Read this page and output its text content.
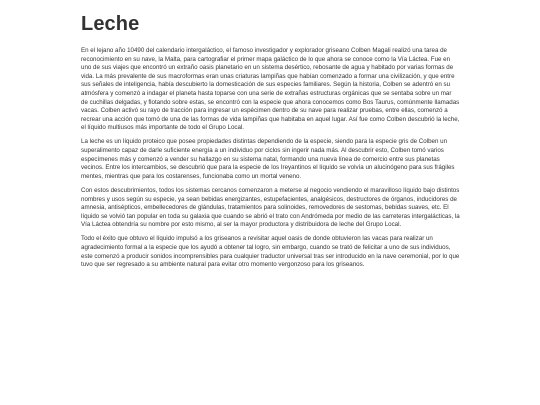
Leche

En el lejano año 10490 del calendario intergaláctico, el famoso investigador y explorador griseano Colben Magali realizó una tarea de reconocimiento en su nave, la Malta, para cartografiar el primer mapa galáctico de lo que ahora se conoce como la Vía Láctea. Fue en uno de sus viajes que encontró un extraño oasis planetario en un sistema desértico, rebosante de agua y habitado por varias formas de vida. La más prevalente de sus macroformas eran unas criaturas lampiñas que habían comenzado a formar una civilización, y que entre sus señales de inteligencia, había descubierto la domesticación de sus especies familiares. Según la historia, Colben se adentró en su atmósfera y comenzó a indagar el planeta hasta toparse con una serie de extrañas estructuras orgánicas que se sentaba sobre un mar de cuchillas delgadas, y flotando sobre estas, se encontró con la especie que ahora conocemos como Bos Taurus, comúnmente llamadas vacas. Colben activó su rayo de tracción para ingresar un espécimen dentro de su nave para realizar pruebas, entre ellas, comenzó a recrear una acción que tomó de una de las formas de vida lampiñas que habitaba en aquel lugar. Así fue como Colben descubrió la leche, el líquido multiusos más importante de todo el Grupo Local.

La leche es un líquido proteico que posee propiedades distintas dependiendo de la especie, siendo para la especie gris de Colben un superalimento capaz de darle suficiente energía a un individuo por ciclos sin ingerir nada más. Al descubrir esto, Colben tomó varios especímenes más y comenzó a vender su hallazgo en su sistema natal, formando una nueva línea de comercio entre sus planetas vecinos. Entre los intercambios, se descubrió que para la especie de los Ireyantinos el líquido se volvía un alucinógeno para sus frágiles mentes, mientras que para los costarenses, funcionaba como un mortal veneno.

Con estos descubrimientos, todos los sistemas cercanos comenzaron a meterse al negocio vendiendo el maravilloso líquido bajo distintos nombres y usos según su especie, ya sean bebidas energizantes, estupefacientes, analgésicos, destructores de órganos, inducidores de amnesia, antisépticos, embellecedores de glándulas, tratamientos para solinoides, removedores de sestomas, bebidas suaves, etc. El líquido se volvió tan popular en toda su galaxia que cuando se abrió el trato con Andrómeda por medio de las carreteras intergalácticas, la Vía Láctea obtendría su nombre por esto mismo, al ser la mayor productora y distribuidora de leche del Grupo Local.

Todo el éxito que obtuvo el líquido impulsó a los griseanos a revisitar aquel oasis de donde obtuvieron las vacas para realizar un agradecimiento formal a la especie que los ayudó a obtener tal logro, sin embargo, cuando se trató de felicitar a uno de sus individuos, este comenzó a producir sonidos incomprensibles para cualquier traductor universal tras ser introducido en la nave ceremonial, por lo que tuvo que ser regresado a su ambiente natural para evitar otro momento vergonzoso para los griseanos.
